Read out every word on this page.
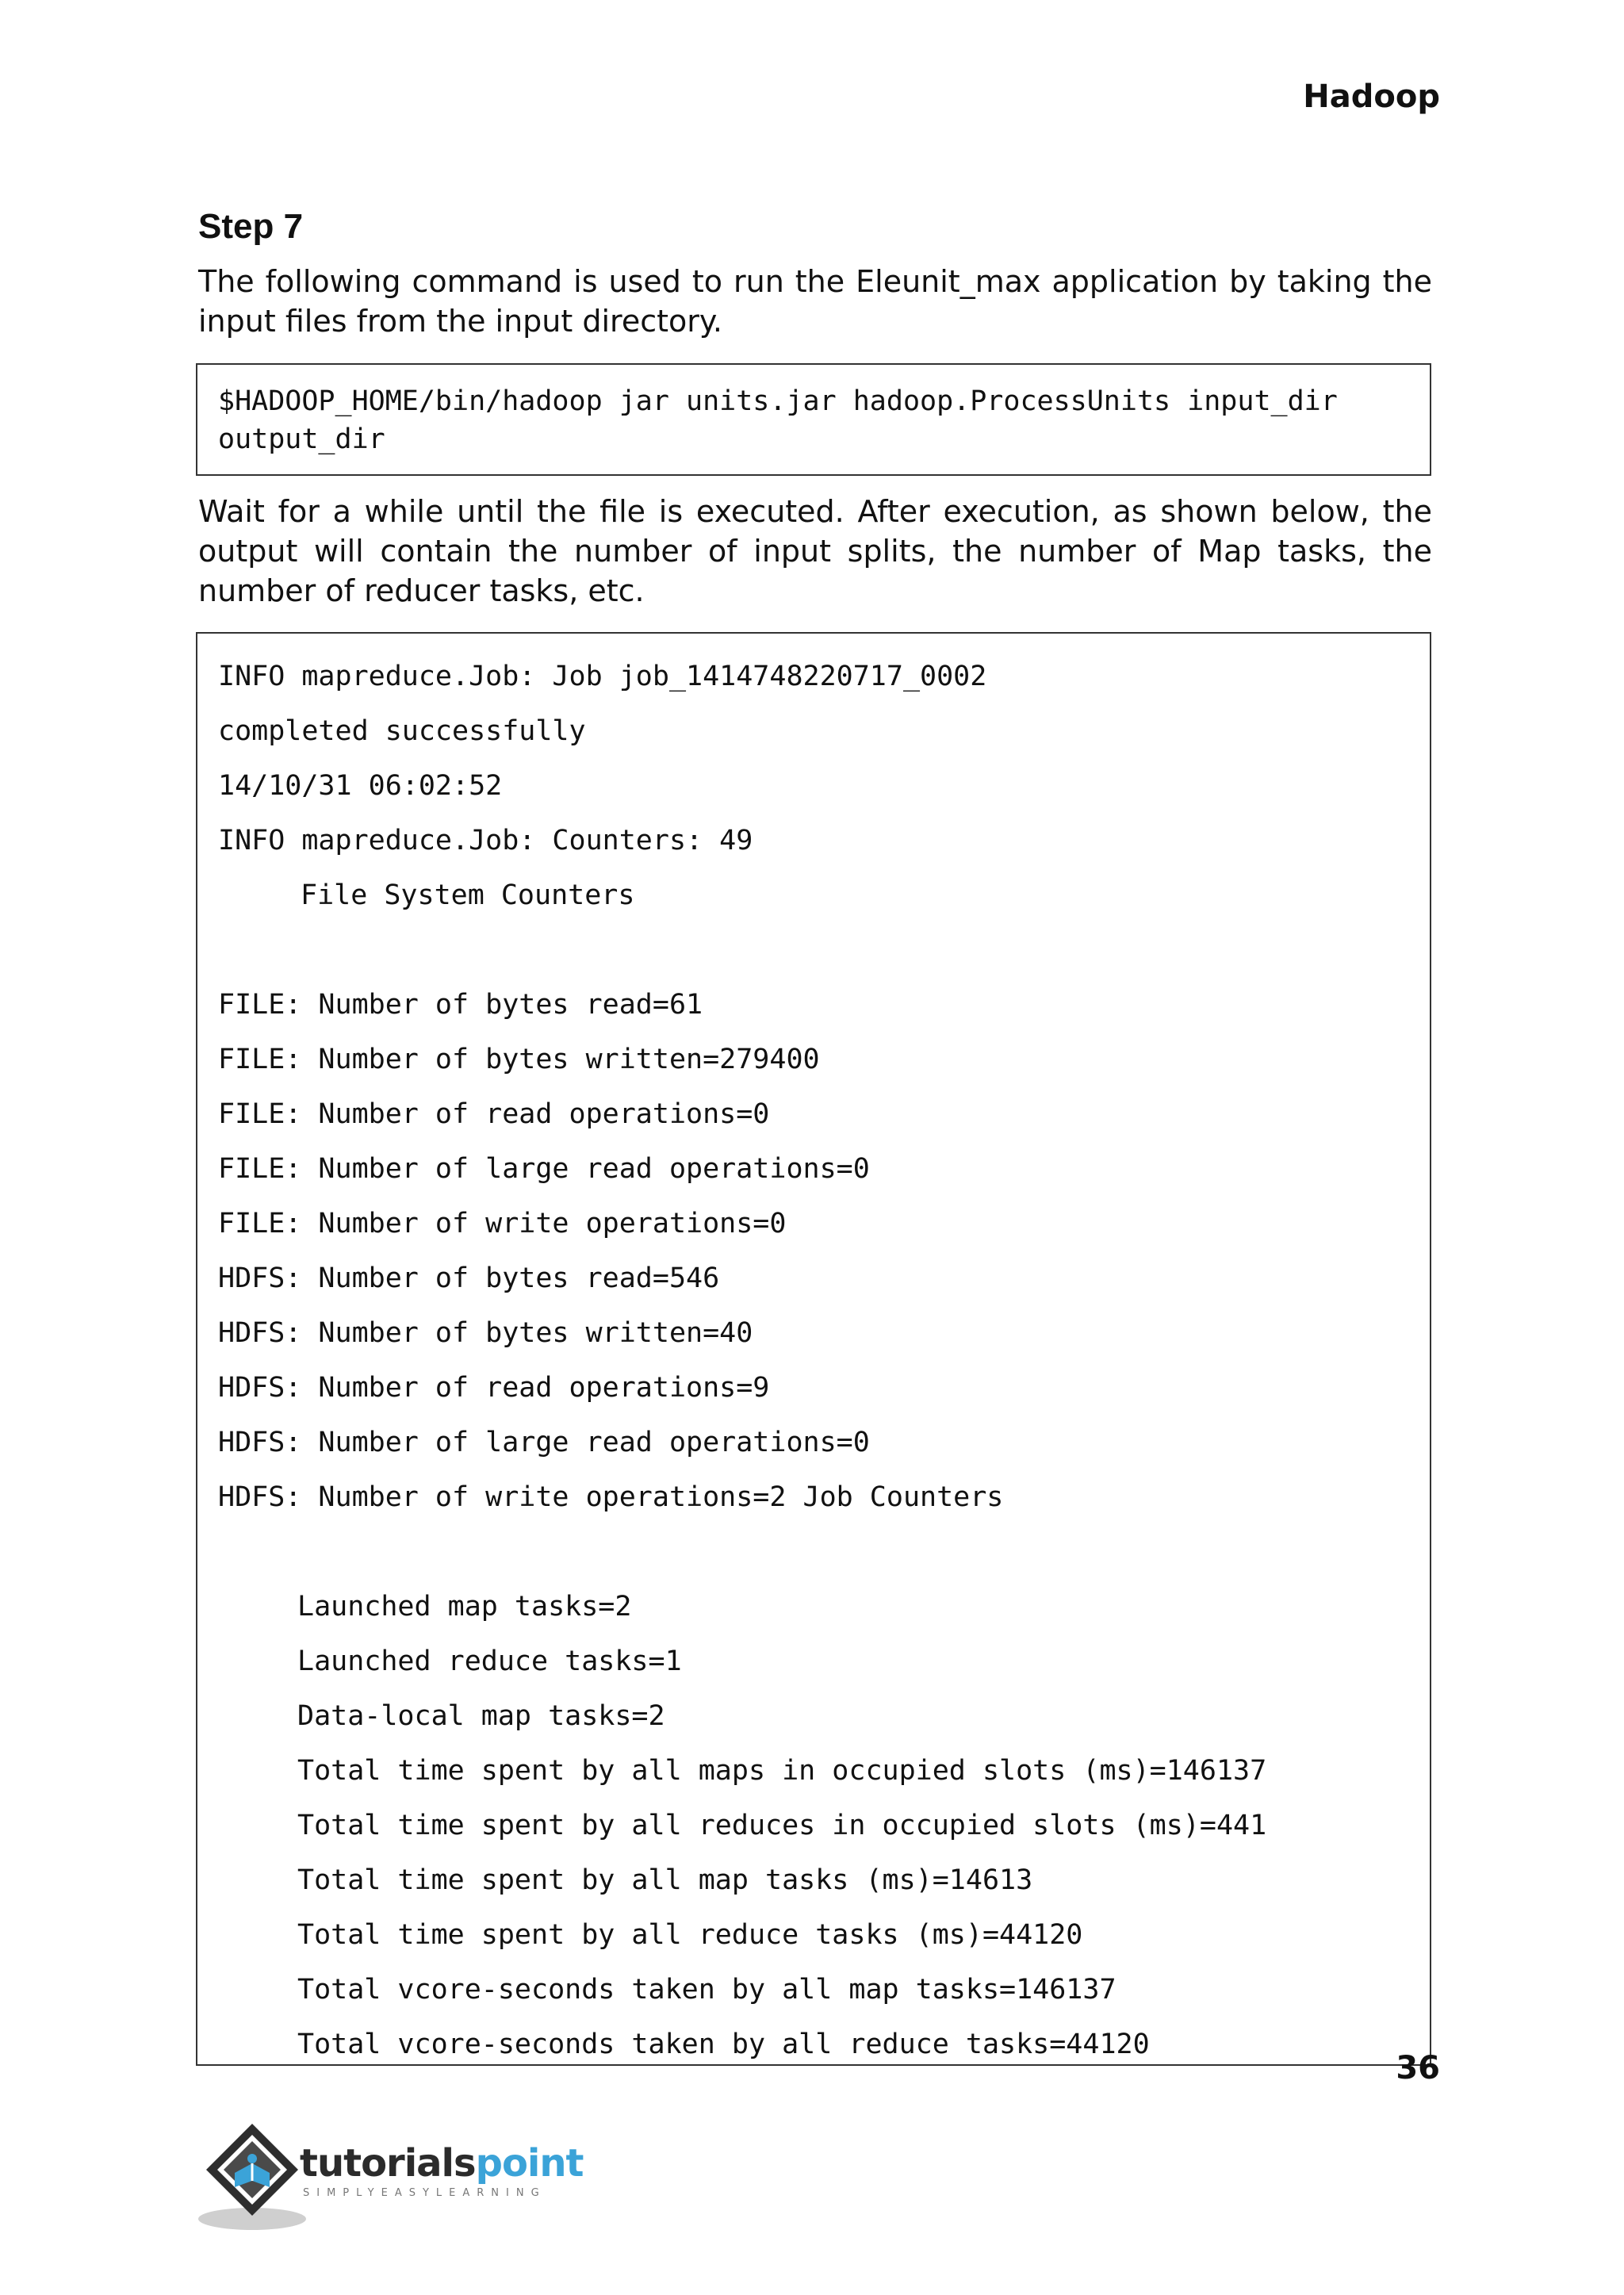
Hadoop
Step 7
The following command is used to run the Eleunit_max application by taking the input files from the input directory.
$HADOOP_HOME/bin/hadoop jar units.jar hadoop.ProcessUnits input_dir
output_dir
Wait for a while until the file is executed. After execution, as shown below, the output will contain the number of input splits, the number of Map tasks, the number of reducer tasks, etc.
INFO mapreduce.Job: Job job_1414748220717_0002
completed successfully
14/10/31 06:02:52
INFO mapreduce.Job: Counters: 49
File System Counters
FILE: Number of bytes read=61
FILE: Number of bytes written=279400
FILE: Number of read operations=0
FILE: Number of large read operations=0
FILE: Number of write operations=0
HDFS: Number of bytes read=546
HDFS: Number of bytes written=40
HDFS: Number of read operations=9
HDFS: Number of large read operations=0
HDFS: Number of write operations=2 Job Counters
Launched map tasks=2
Launched reduce tasks=1
Data-local map tasks=2
Total time spent by all maps in occupied slots (ms)=146137
Total time spent by all reduces in occupied slots (ms)=441
Total time spent by all map tasks (ms)=14613
Total time spent by all reduce tasks (ms)=44120
Total vcore-seconds taken by all map tasks=146137
Total vcore-seconds taken by all reduce tasks=44120
36
tutorialspoint
SIMPLYEASYLEARNING
